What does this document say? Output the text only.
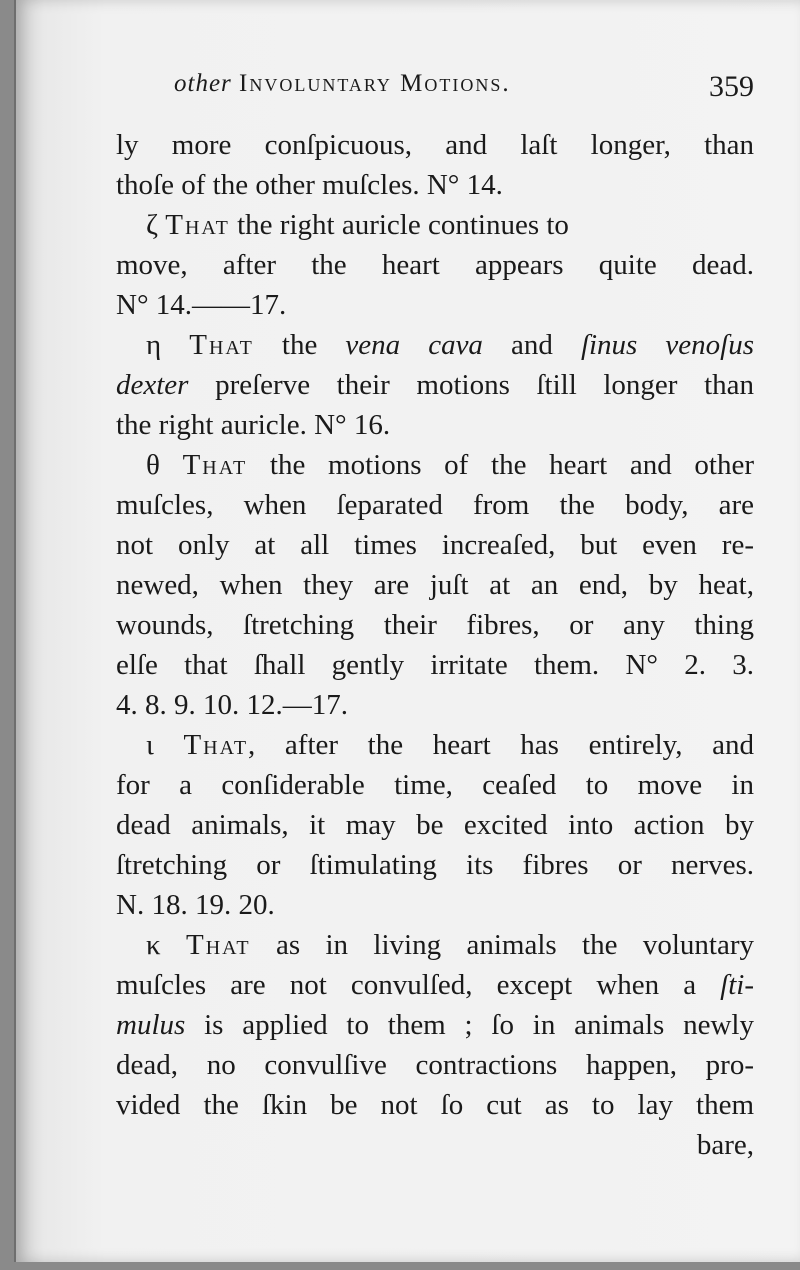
other Involuntary Motions.	359
ly more conſpicuous, and laſt longer, than
thoſe of the other muſcles. N° 14.
ζ That the right auricle continues to
move, after the heart appears quite dead.
N° 14.——17.
η That the vena cava and ſinus venoſus
dexter preſerve their motions ſtill longer than
the right auricle. N° 16.
θ That the motions of the heart and other
muſcles, when ſeparated from the body, are
not only at all times increaſed, but even re-
newed, when they are juſt at an end, by heat,
wounds, ſtretching their fibres, or any thing
elſe that ſhall gently irritate them. N° 2. 3.
4. 8. 9. 10. 12.—17.
ι That, after the heart has entirely, and
for a conſiderable time, ceaſed to move in
dead animals, it may be excited into action by
ſtretching or ſtimulating its fibres or nerves.
N. 18. 19. 20.
κ That as in living animals the voluntary
muſcles are not convulſed, except when a ſti-
mulus is applied to them ; ſo in animals newly
dead, no convulſive contractions happen, pro-
vided the ſkin be not ſo cut as to lay them
bare,
